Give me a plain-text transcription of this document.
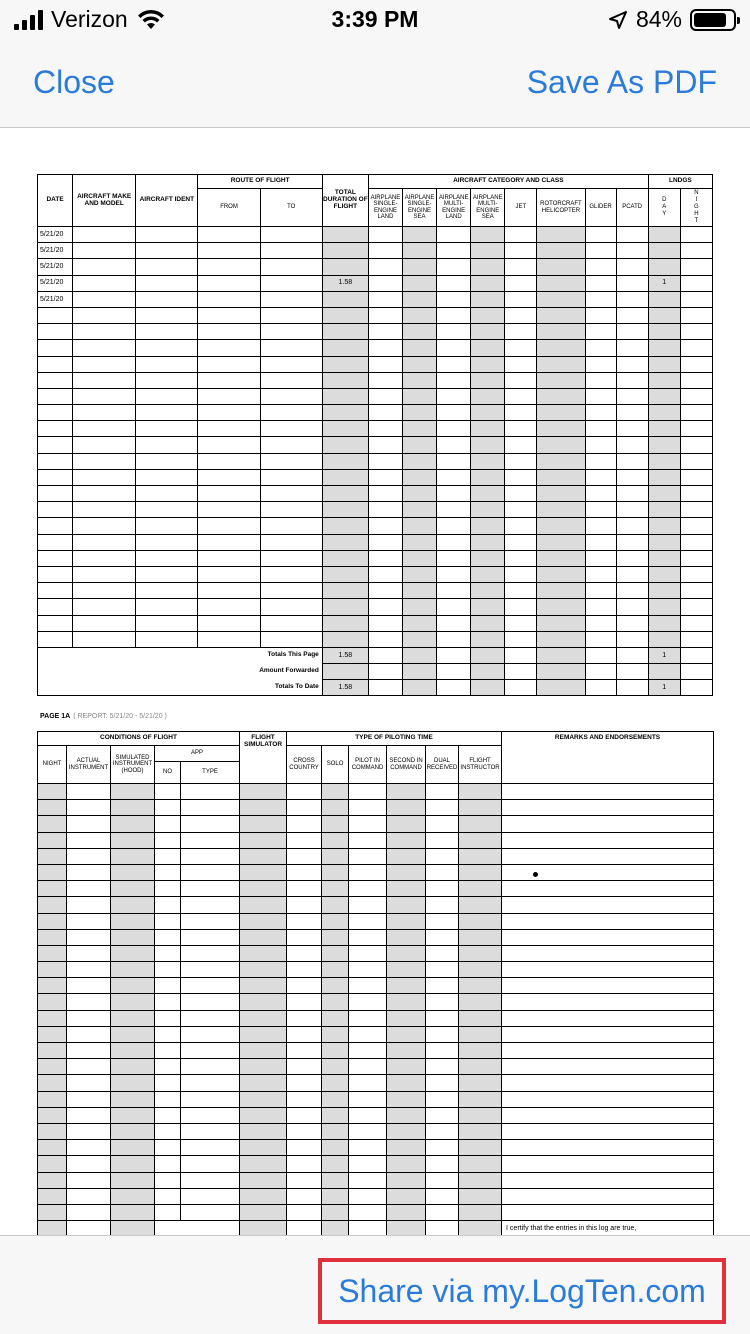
Verizon	3:39 PM	84%
Close	Save As PDF
DATE	AIRCRAFT MAKE AND MODEL	AIRCRAFT IDENT	ROUTE OF FLIGHT		TOTAL DURATION OF FLIGHT	AIRCRAFT CATEGORY AND CLASS								LNDGS	
			FROM	TO		AIRPLANE SINGLE-ENGINE LAND	AIRPLANE SINGLE-ENGINE SEA	AIRPLANE MULTI-ENGINE LAND	AIRPLANE MULTI-ENGINE SEA	JET	ROTORCRAFT HELICOPTER	GLIDER	PCATD	DAY	NIGHT
5/21/20															
5/21/20															
5/21/20															
5/21/20					1.58									1	
5/21/20															

Totals This Page					1.58									1	
Amount Forwarded															
Totals To Date					1.58									1	
PAGE 1A ( REPORT: 5/21/20 - 5/21/20 )
CONDITIONS OF FLIGHT					FLIGHT SIMULATOR	TYPE OF PILOTING TIME						REMARKS AND ENDORSEMENTS
NIGHT	ACTUAL INSTRUMENT	SIMULATED INSTRUMENT (HOOD)	APP			CROSS COUNTRY	SOLO	PILOT IN COMMAND	SECOND IN COMMAND	DUAL RECEIVED	FLIGHT INSTRUCTOR	
			NO	TYPE								

												I certify that the entries in this log are true,
Share via my.LogTen.com
